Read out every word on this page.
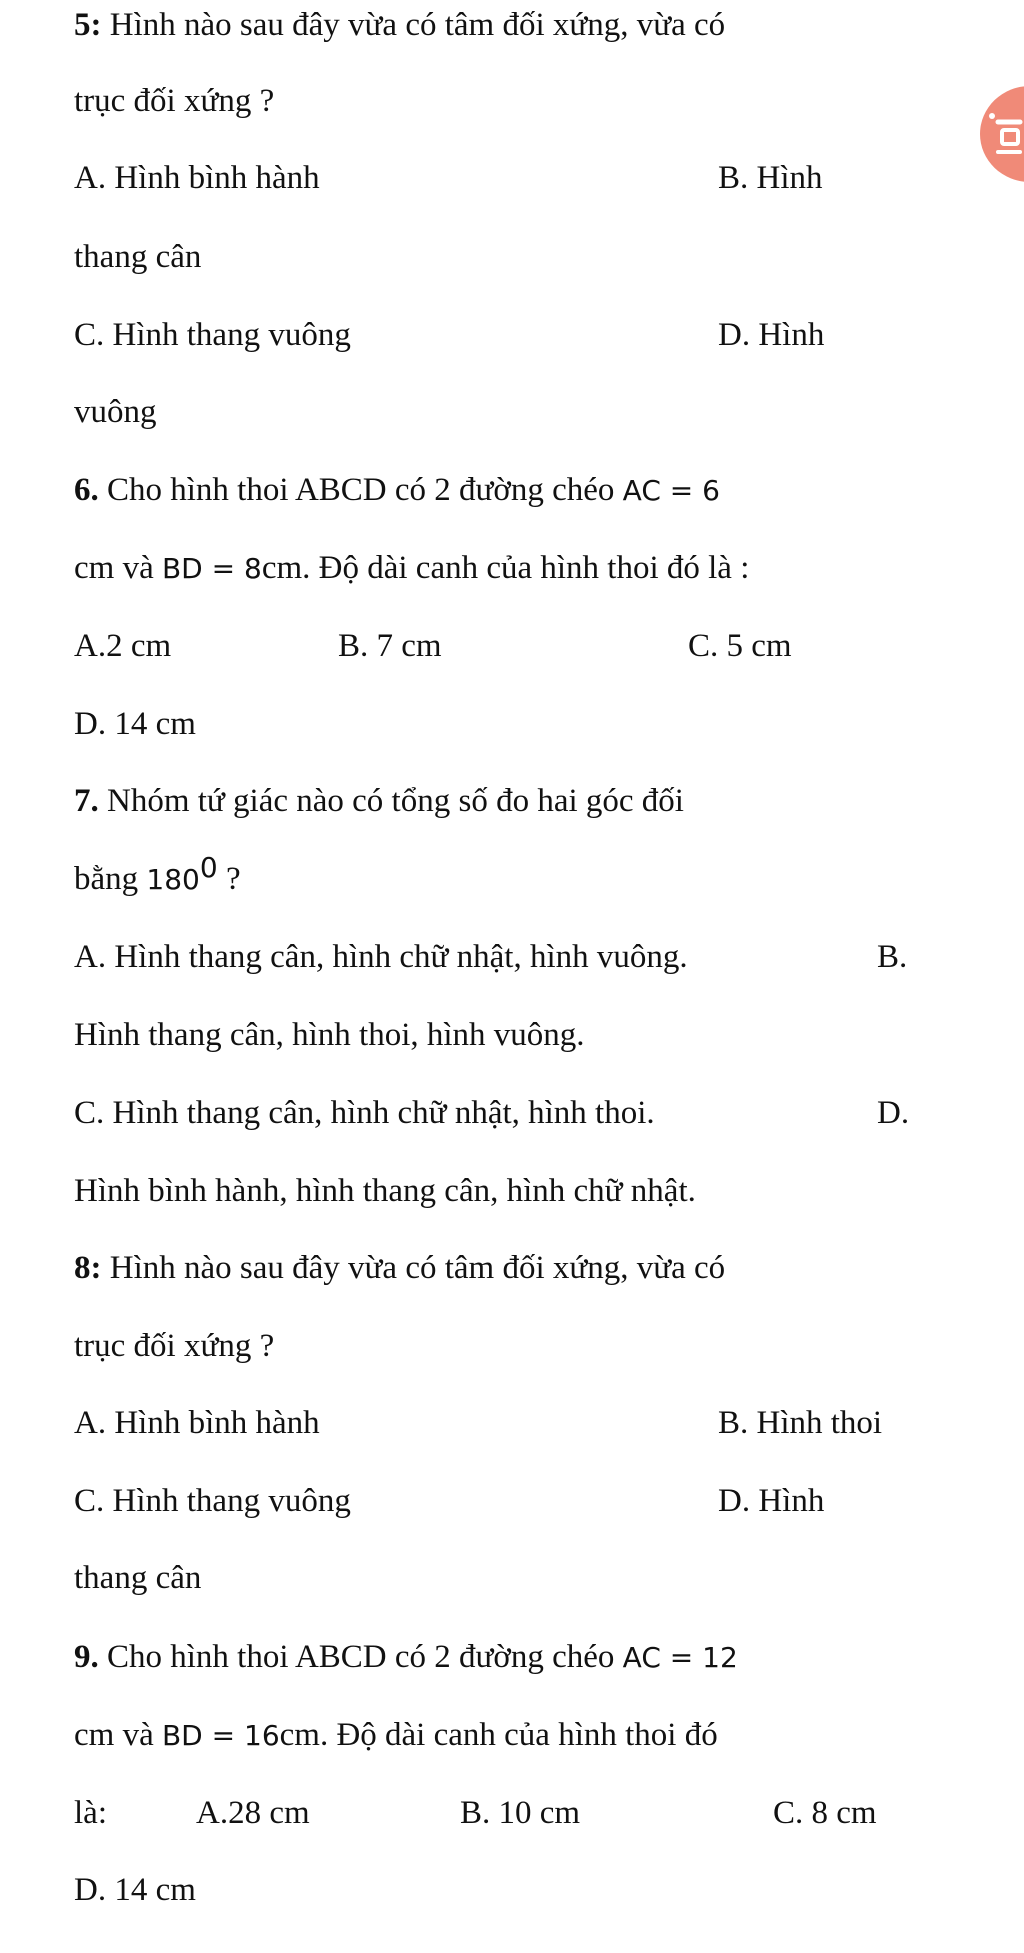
5: Hình nào sau đây vừa có tâm đối xứng, vừa có
trục đối xứng ?
A. Hình bình hành	B. Hình
thang cân
C. Hình thang vuông	D. Hình
vuông
6. Cho hình thoi ABCD có 2 đường chéo AC = 6
cm và BD = 8cm. Độ dài canh của hình thoi đó là :
A.2 cm	B. 7 cm	C. 5 cm
D. 14 cm
7. Nhóm tứ giác nào có tổng số đo hai góc đối
bằng $180^0$ ?
A. Hình thang cân, hình chữ nhật, hình vuông.	B.
Hình thang cân, hình thoi, hình vuông.
C. Hình thang cân, hình chữ nhật, hình thoi.	D.
Hình bình hành, hình thang cân, hình chữ nhật.
8: Hình nào sau đây vừa có tâm đối xứng, vừa có
trục đối xứng ?
A. Hình bình hành	B. Hình thoi
C. Hình thang vuông	D. Hình
thang cân
9. Cho hình thoi ABCD có 2 đường chéo AC = 12
cm và BD = 16cm. Độ dài canh của hình thoi đó
là:	A.28 cm	B. 10 cm	C. 8 cm
D. 14 cm
